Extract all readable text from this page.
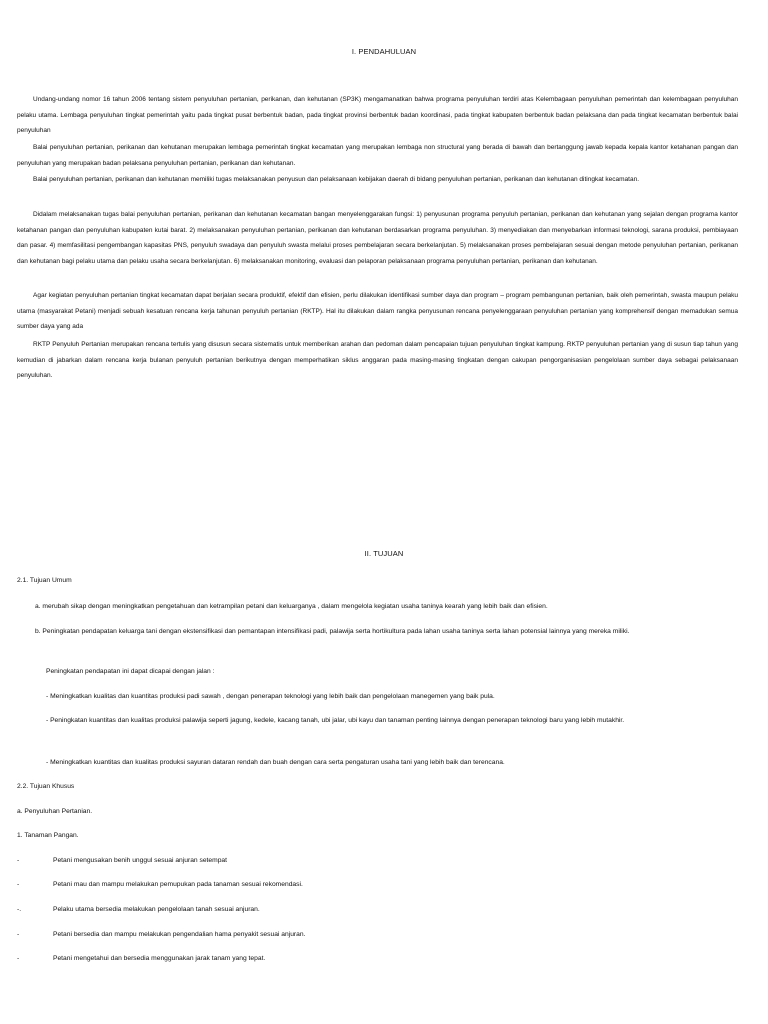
I. PENDAHULUAN

Undang-undang nomor 16 tahun 2006 tentang sistem penyuluhan pertanian, perikanan, dan kehutanan (SP3K) mengamanatkan bahwa programa penyuluhan terdiri atas Kelembagaan penyuluhan pemerintah dan kelembagaan penyuluhan pelaku utama. Lembaga penyuluhan tingkat pemerintah yaitu pada tingkat pusat berbentuk badan, pada tingkat provinsi berbentuk badan koordinasi, pada tingkat kabupaten berbentuk badan pelaksana dan pada tingkat kecamatan berbentuk balai penyuluhan

Balai penyuluhan pertanian, perikanan dan kehutanan merupakan lembaga pemerintah tingkat kecamatan yang merupakan lembaga non structural yang berada di bawah dan bertanggung jawab kepada kepala kantor ketahanan pangan dan penyuluhan yang merupakan badan pelaksana penyuluhan pertanian, perikanan dan kehutanan.

Balai penyuluhan pertanian, perikanan dan kehutanan memiliki tugas melaksanakan penyusun dan pelaksanaan kebijakan daerah di bidang penyuluhan pertanian, perikanan dan kehutanan ditingkat kecamatan.

Didalam melaksanakan tugas balai penyuluhan pertanian, perikanan dan kehutanan kecamatan bangan menyelenggarakan fungsi: 1) penyusunan programa penyuluh pertanian, perikanan dan kehutanan yang sejalan dengan programa kantor ketahanan pangan dan penyuluhan kabupaten kutai barat. 2) melaksanakan penyuluhan pertanian, perikanan dan kehutanan berdasarkan programa penyuluhan. 3) menyediakan dan menyebarkan informasi teknologi, sarana produksi, pembiayaan dan pasar. 4) memfasilitasi pengembangan kapasitas PNS, penyuluh swadaya dan penyuluh swasta melalui proses pembelajaran secara berkelanjutan. 5) melaksanakan proses pembelajaran sesuai dengan metode penyuluhan pertanian, perikanan dan kehutanan bagi pelaku utama dan pelaku usaha secara berkelanjutan. 6) melaksanakan monitoring, evaluasi dan pelaporan pelaksanaan programa penyuluhan pertanian, perikanan dan kehutanan.

Agar kegiatan penyuluhan pertanian tingkat kecamatan dapat berjalan secara produktif, efektif dan efisien, perlu dilakukan identifikasi sumber daya dan program – program pembangunan pertanian, baik oleh pemerintah, swasta maupun pelaku utama (masyarakat Petani) menjadi sebuah kesatuan rencana kerja tahunan penyuluh pertanian (RKTP). Hal itu dilakukan dalam rangka penyusunan rencana penyelenggaraan penyuluhan pertanian yang komprehensif dengan memadukan semua sumber daya yang ada

RKTP Penyuluh Pertanian merupakan rencana tertulis yang disusun secara sistematis untuk memberikan arahan dan pedoman dalam pencapaian tujuan penyuluhan tingkat kampung. RKTP penyuluhan pertanian yang di susun tiap tahun yang kemudian di jabarkan dalam rencana kerja bulanan penyuluh pertanian berikutnya dengan memperhatikan siklus anggaran pada masing-masing tingkatan dengan cakupan pengorganisasian pengelolaan sumber daya sebagai pelaksanaan penyuluhan.

II. TUJUAN
2.1. Tujuan Umum

a. merubah sikap dengan meningkatkan pengetahuan dan ketrampilan petani dan keluarganya , dalam mengelola kegiatan usaha taninya kearah yang lebih baik dan efisien.

b. Peningkatan pendapatan keluarga tani dengan ekstensifikasi dan pemantapan intensifikasi padi, palawija serta hortikultura pada lahan usaha taninya serta lahan potensial lainnya yang mereka miliki.

Peningkatan pendapatan ini dapat dicapai dengan jalan :

- Meningkatkan kualitas dan kuantitas produksi padi sawah , dengan penerapan teknologi yang lebih baik dan pengelolaan manegemen yang baik pula.

- Peningkatan kuantitas dan kualitas produksi palawija seperti jagung, kedele, kacang tanah, ubi jalar, ubi kayu dan tanaman penting lainnya dengan penerapan teknologi baru yang lebih mutakhir.

- Meningkatkan kuantitas dan kualitas produksi sayuran dataran rendah dan buah dengan cara serta pengaturan usaha tani yang lebih baik dan terencana.

2.2. Tujuan Khusus
a. Penyuluhan Pertanian.
1. Tanaman Pangan.
-	Petani mengusakan benih unggul sesuai anjuran setempat
-	Petani mau dan mampu melakukan pemupukan pada tanaman sesuai rekomendasi.
-.	Pelaku utama bersedia melakukan pengelolaan tanah sesuai anjuran.
-	Petani bersedia dan mampu melakukan pengendalian hama penyakit sesuai anjuran.
-	Petani mengetahui dan bersedia menggunakan jarak tanam yang tepat.
